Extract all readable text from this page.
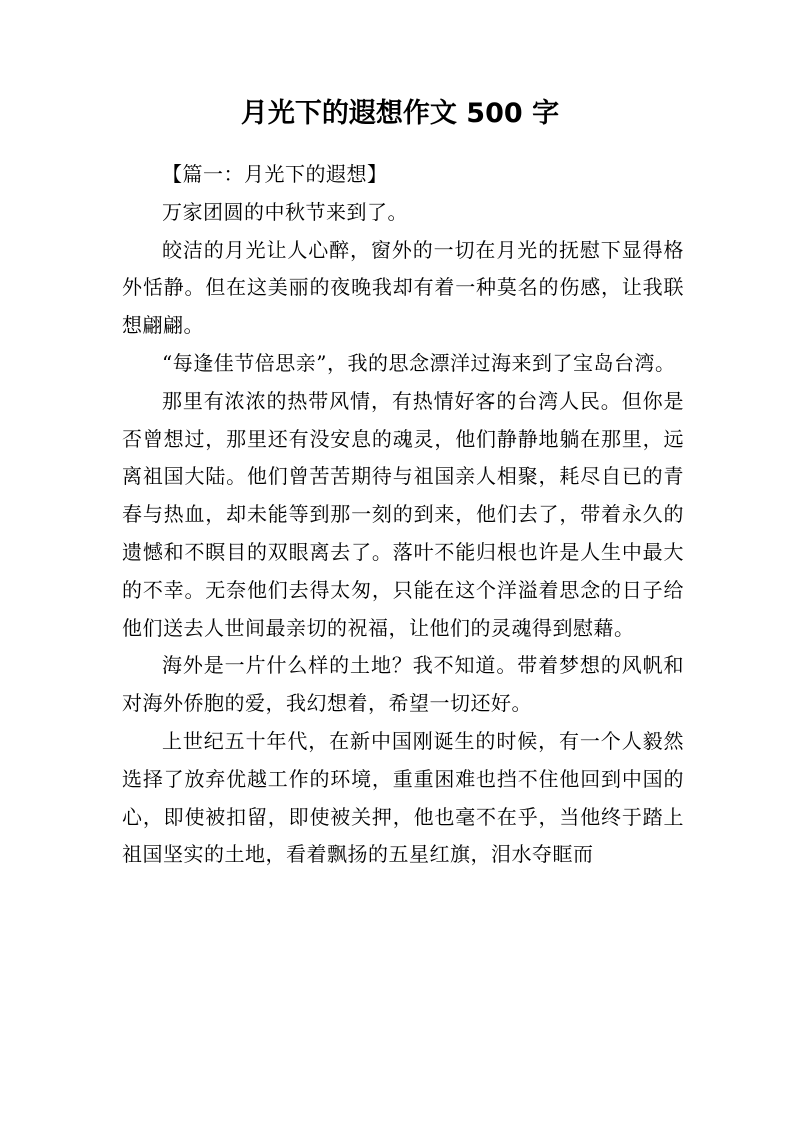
月光下的遐想作文 500 字

【篇一：月光下的遐想】

万家团圆的中秋节来到了。

皎洁的月光让人心醉，窗外的一切在月光的抚慰下显得格外恬静。但在这美丽的夜晚我却有着一种莫名的伤感，让我联想翩翩。

“每逢佳节倍思亲”，我的思念漂洋过海来到了宝岛台湾。

那里有浓浓的热带风情，有热情好客的台湾人民。但你是否曾想过，那里还有没安息的魂灵，他们静静地躺在那里，远离祖国大陆。他们曾苦苦期待与祖国亲人相聚，耗尽自已的青春与热血，却未能等到那一刻的到来，他们去了，带着永久的遗憾和不瞑目的双眼离去了。落叶不能归根也许是人生中最大的不幸。无奈他们去得太匆，只能在这个洋溢着思念的日子给他们送去人世间最亲切的祝福，让他们的灵魂得到慰藉。

海外是一片什么样的土地？我不知道。带着梦想的风帆和对海外侨胞的爱，我幻想着，希望一切还好。

上世纪五十年代，在新中国刚诞生的时候，有一个人毅然选择了放弃优越工作的环境，重重困难也挡不住他回到中国的心，即使被扣留，即使被关押，他也毫不在乎，当他终于踏上祖国坚实的土地，看着飘扬的五星红旗，泪水夺眶而
